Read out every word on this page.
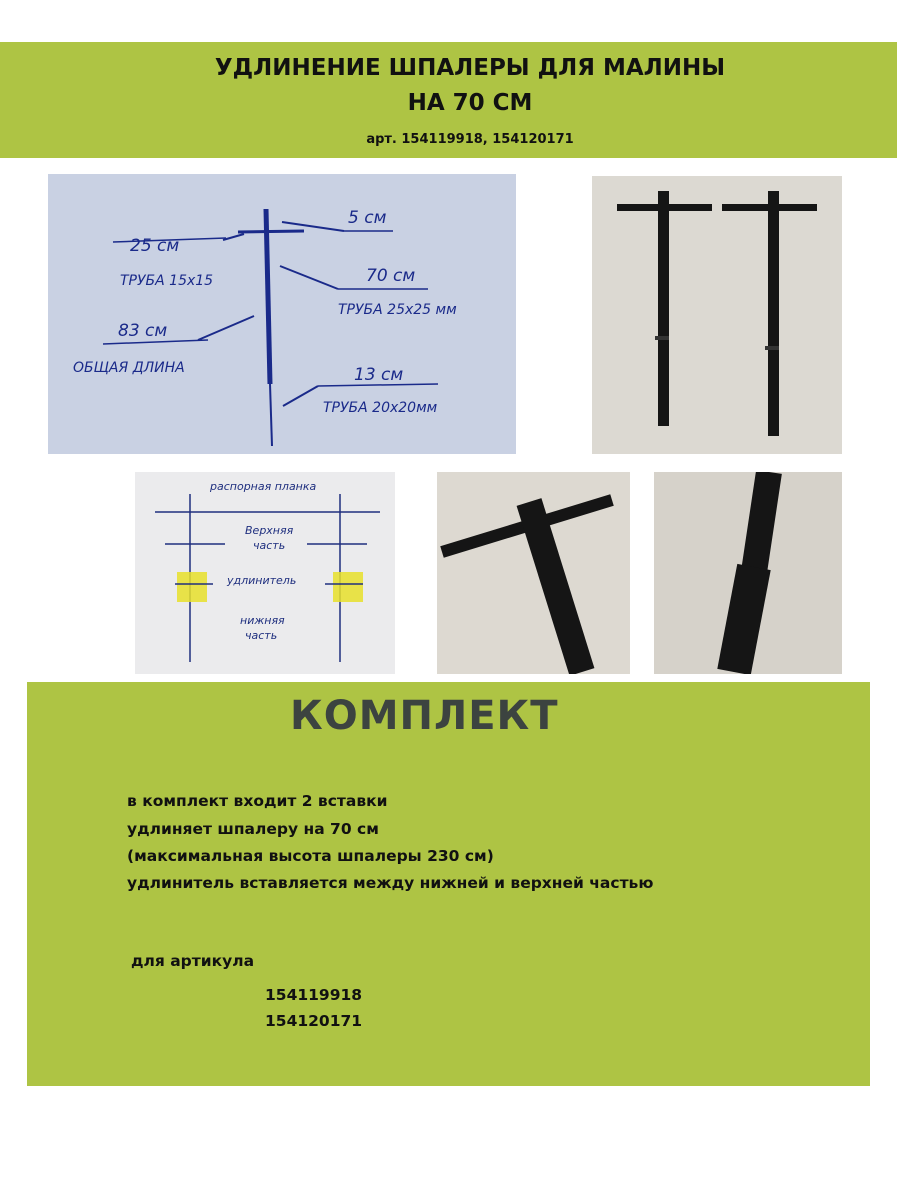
УДЛИНЕНИЕ ШПАЛЕРЫ ДЛЯ МАЛИНЫ
НА 70 СМ
арт. 154119918, 154120171
5 см
25 см
ТРУБА 15х15	70 см
ТРУБА 25х25 мм
83 см
ОБЩАЯ ДЛИНА	13 см
ТРУБА 20х20мм
распорная планка
Верхняя
часть
удлинитель
нижняя
часть
КОМПЛЕКТ
в комплект входит 2 вставки
удлиняет шпалеру на 70 см
(максимальная высота шпалеры 230 см)
удлинитель вставляется между нижней и верхней частью
для артикула
154119918
154120171
